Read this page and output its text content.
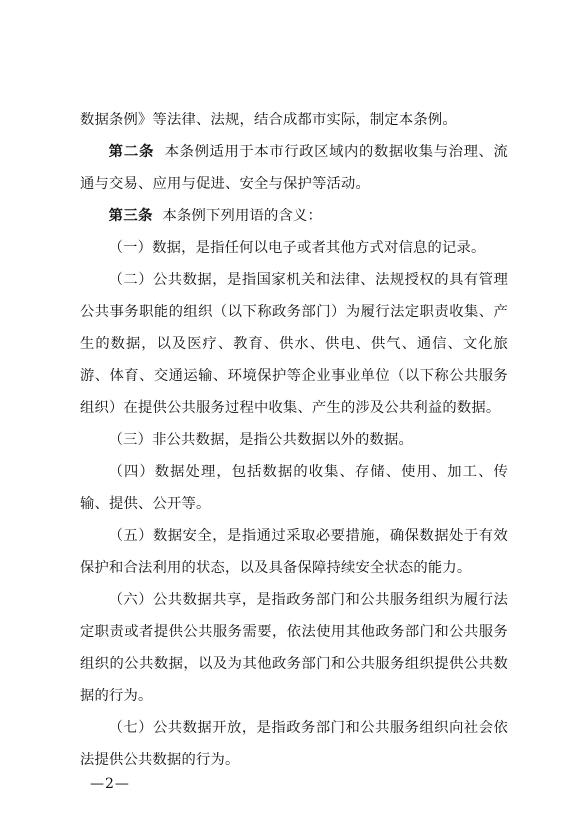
数据条例》等法律、法规，结合成都市实际，制定本条例。

第二条 本条例适用于本市行政区域内的数据收集与治理、流通与交易、应用与促进、安全与保护等活动。

第三条 本条例下列用语的含义：

（一）数据，是指任何以电子或者其他方式对信息的记录。

（二）公共数据，是指国家机关和法律、法规授权的具有管理公共事务职能的组织（以下称政务部门）为履行法定职责收集、产生的数据，以及医疗、教育、供水、供电、供气、通信、文化旅游、体育、交通运输、环境保护等企业事业单位（以下称公共服务组织）在提供公共服务过程中收集、产生的涉及公共利益的数据。

（三）非公共数据，是指公共数据以外的数据。

（四）数据处理，包括数据的收集、存储、使用、加工、传输、提供、公开等。

（五）数据安全，是指通过采取必要措施，确保数据处于有效保护和合法利用的状态，以及具备保障持续安全状态的能力。

（六）公共数据共享，是指政务部门和公共服务组织为履行法定职责或者提供公共服务需要，依法使用其他政务部门和公共服务组织的公共数据，以及为其他政务部门和公共服务组织提供公共数据的行为。

（七）公共数据开放，是指政务部门和公共服务组织向社会依法提供公共数据的行为。

—2—
